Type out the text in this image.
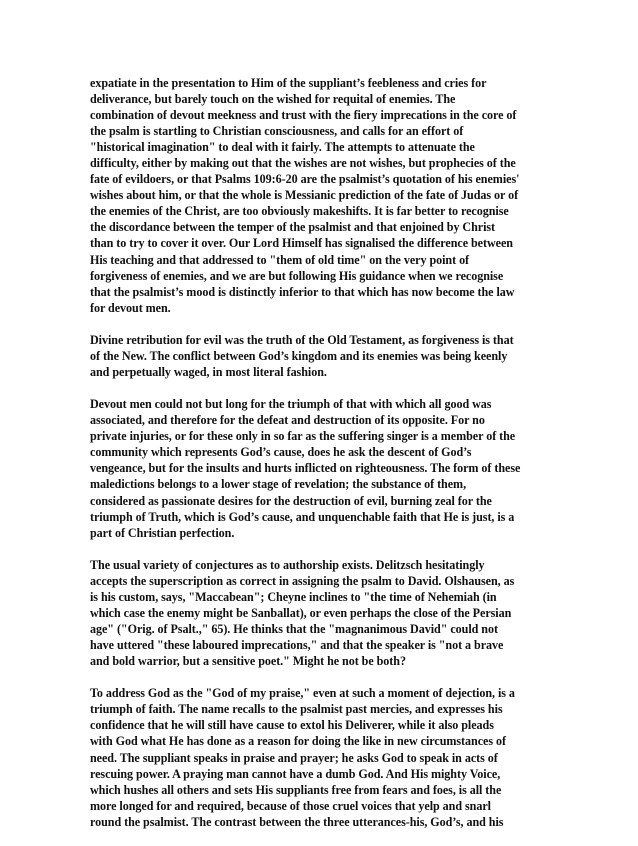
expatiate in the presentation to Him of the suppliant’s feebleness and cries for
deliverance, but barely touch on the wished for requital of enemies. The
combination of devout meekness and trust with the fiery imprecations in the core of
the psalm is startling to Christian consciousness, and calls for an effort of
"historical imagination" to deal with it fairly. The attempts to attenuate the
difficulty, either by making out that the wishes are not wishes, but prophecies of the
fate of evildoers, or that Psalms 109:6-20 are the psalmist’s quotation of his enemies'
wishes about him, or that the whole is Messianic prediction of the fate of Judas or of
the enemies of the Christ, are too obviously makeshifts. It is far better to recognise
the discordance between the temper of the psalmist and that enjoined by Christ
than to try to cover it over. Our Lord Himself has signalised the difference between
His teaching and that addressed to "them of old time" on the very point of
forgiveness of enemies, and we are but following His guidance when we recognise
that the psalmist’s mood is distinctly inferior to that which has now become the law
for devout men.

Divine retribution for evil was the truth of the Old Testament, as forgiveness is that
of the New. The conflict between God’s kingdom and its enemies was being keenly
and perpetually waged, in most literal fashion.

Devout men could not but long for the triumph of that with which all good was
associated, and therefore for the defeat and destruction of its opposite. For no
private injuries, or for these only in so far as the suffering singer is a member of the
community which represents God’s cause, does he ask the descent of God’s
vengeance, but for the insults and hurts inflicted on righteousness. The form of these
maledictions belongs to a lower stage of revelation; the substance of them,
considered as passionate desires for the destruction of evil, burning zeal for the
triumph of Truth, which is God’s cause, and unquenchable faith that He is just, is a
part of Christian perfection.

The usual variety of conjectures as to authorship exists. Delitzsch hesitatingly
accepts the superscription as correct in assigning the psalm to David. Olshausen, as
is his custom, says, "Maccabean"; Cheyne inclines to "the time of Nehemiah (in
which case the enemy might be Sanballat), or even perhaps the close of the Persian
age" ("Orig. of Psalt.," 65). He thinks that the "magnanimous David" could not
have uttered "these laboured imprecations," and that the speaker is "not a brave
and bold warrior, but a sensitive poet." Might he not be both?

To address God as the "God of my praise," even at such a moment of dejection, is a
triumph of faith. The name recalls to the psalmist past mercies, and expresses his
confidence that he will still have cause to extol his Deliverer, while it also pleads
with God what He has done as a reason for doing the like in new circumstances of
need. The suppliant speaks in praise and prayer; he asks God to speak in acts of
rescuing power. A praying man cannot have a dumb God. And His mighty Voice,
which hushes all others and sets His suppliants free from fears and foes, is all the
more longed for and required, because of those cruel voices that yelp and snarl
round the psalmist. The contrast between the three utterances-his, God’s, and his
